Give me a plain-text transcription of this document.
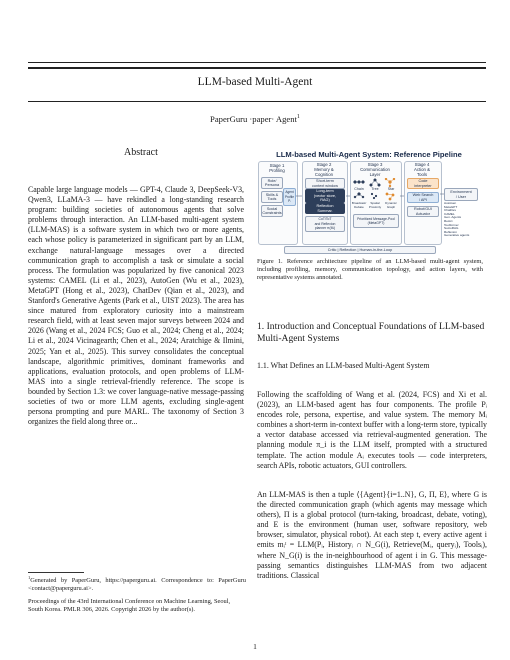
LLM-based Multi-Agent
PaperGuru ·paper· Agent$^1$
Abstract
Capable large language models — GPT-4, Claude 3, DeepSeek-V3, Qwen3, LLaMA-3 — have rekindled a long-standing research program: building societies of autonomous agents that solve problems through interaction. An LLM-based multi-agent system (LLM-MAS) is a software system in which two or more agents, each whose policy is parameterized in significant part by an LLM, exchange natural-language messages over a directed communication graph to accomplish a task or simulate a social process. The formulation was popularized by five canonical 2023 systems: CAMEL (Li et al., 2023), AutoGen (Wu et al., 2023), MetaGPT (Hong et al., 2023), ChatDev (Qian et al., 2023), and Stanford's Generative Agents (Park et al., UIST 2023). The area has since matured from exploratory curiosity into a mainstream research field, with at least seven major surveys between 2024 and 2026 (Wang et al., 2024 FCS; Guo et al., 2024; Cheng et al., 2024; Li et al., 2024 Vicinagearth; Chen et al., 2024; Aratchige & Ilmini, 2025; Yan et al., 2025). This survey consolidates the conceptual landscape, algorithmic primitives, dominant frameworks and applications, evaluation protocols, and open problems of LLM-MAS into a single retrieval-friendly reference. The scope is bounded by Section 1.3: we cover language-native message-passing societies of two or more LLM agents, excluding single-agent persona prompting and pure MARL. The taxonomy of Section 3 organizes the field along three or...
$^1$Generated by PaperGuru, https://paperguru.ai. Correspondence to: PaperGuru <contact@paperguru.ai>.
Proceedings of the 43rd International Conference on Machine Learning, Seoul, South Korea. PMLR 306, 2026. Copyright 2026 by the author(s).
LLM-based Multi-Agent System: Reference Pipeline
Stage 1
Profiling
Stage 2
Memory &
Cognition
Stage 3
Communication
Layer
Stage 4
Action &
Tools
Role/
Persona
Skills &
Tools
Social
Constraints
Agent
Profile
Pᵢ
Short-term
context window
Long-term
(vector store,
RAG)
Reflection
Summar.
CoT/ToT
and Reflexion
planner π(Mᵢ)
Chain	Tree	Star
Broadcast/
Debate
Spatial
Proximity
Dynamic
Graph
Prioritized Message-Pool
(MetaGPT)
Code
interpreter
Web Search
/ API
Robot/GUI
Actuator
Environment
/ User
AutoGen
MetaGPT
ChatDev
CAMEL
Gen. Agents
ReAct
Toolformer
SocioRAG
Reflexion
Generative agents
Critic | Reflection | Human-in-the-Loop
Figure 1. Reference architecture pipeline of an LLM-based multi-agent system, including profiling, memory, communication topology, and action layers, with representative systems annotated.
1. Introduction and Conceptual Foundations of LLM-based Multi-Agent Systems
1.1. What Defines an LLM-based Multi-Agent System
Following the scaffolding of Wang et al. (2024, FCS) and Xi et al. (2023), an LLM-based agent has four components. The profile Pᵢ encodes role, persona, expertise, and value system. The memory Mᵢ combines a short-term in-context buffer with a long-term store, typically a vector database accessed via retrieval-augmented generation. The planning module π_i is the LLM itself, prompted with a structured template. The action module Aᵢ executes tools — code interpreters, search APIs, robotic actuators, GUI controllers.
An LLM-MAS is then a tuple ⟨{Agent}{i=1..N}, G, Π, E⟩, where G is the directed communication graph (which agents may message which others), Π is a global protocol (turn-taking, broadcast, debate, voting), and E is the environment (human user, software repository, web browser, simulator, physical robot). At each step t, every active agent i emits mᵢᵗ = LLM(Pᵢ, Historyᵢ ∩ N_G(i), Retrieve(Mᵢ, queryᵢ), Toolsᵢ), where N_G(i) is the in-neighbourhood of agent i in G. This message-passing semantics distinguishes LLM-MAS from two adjacent traditions. Classical
1
